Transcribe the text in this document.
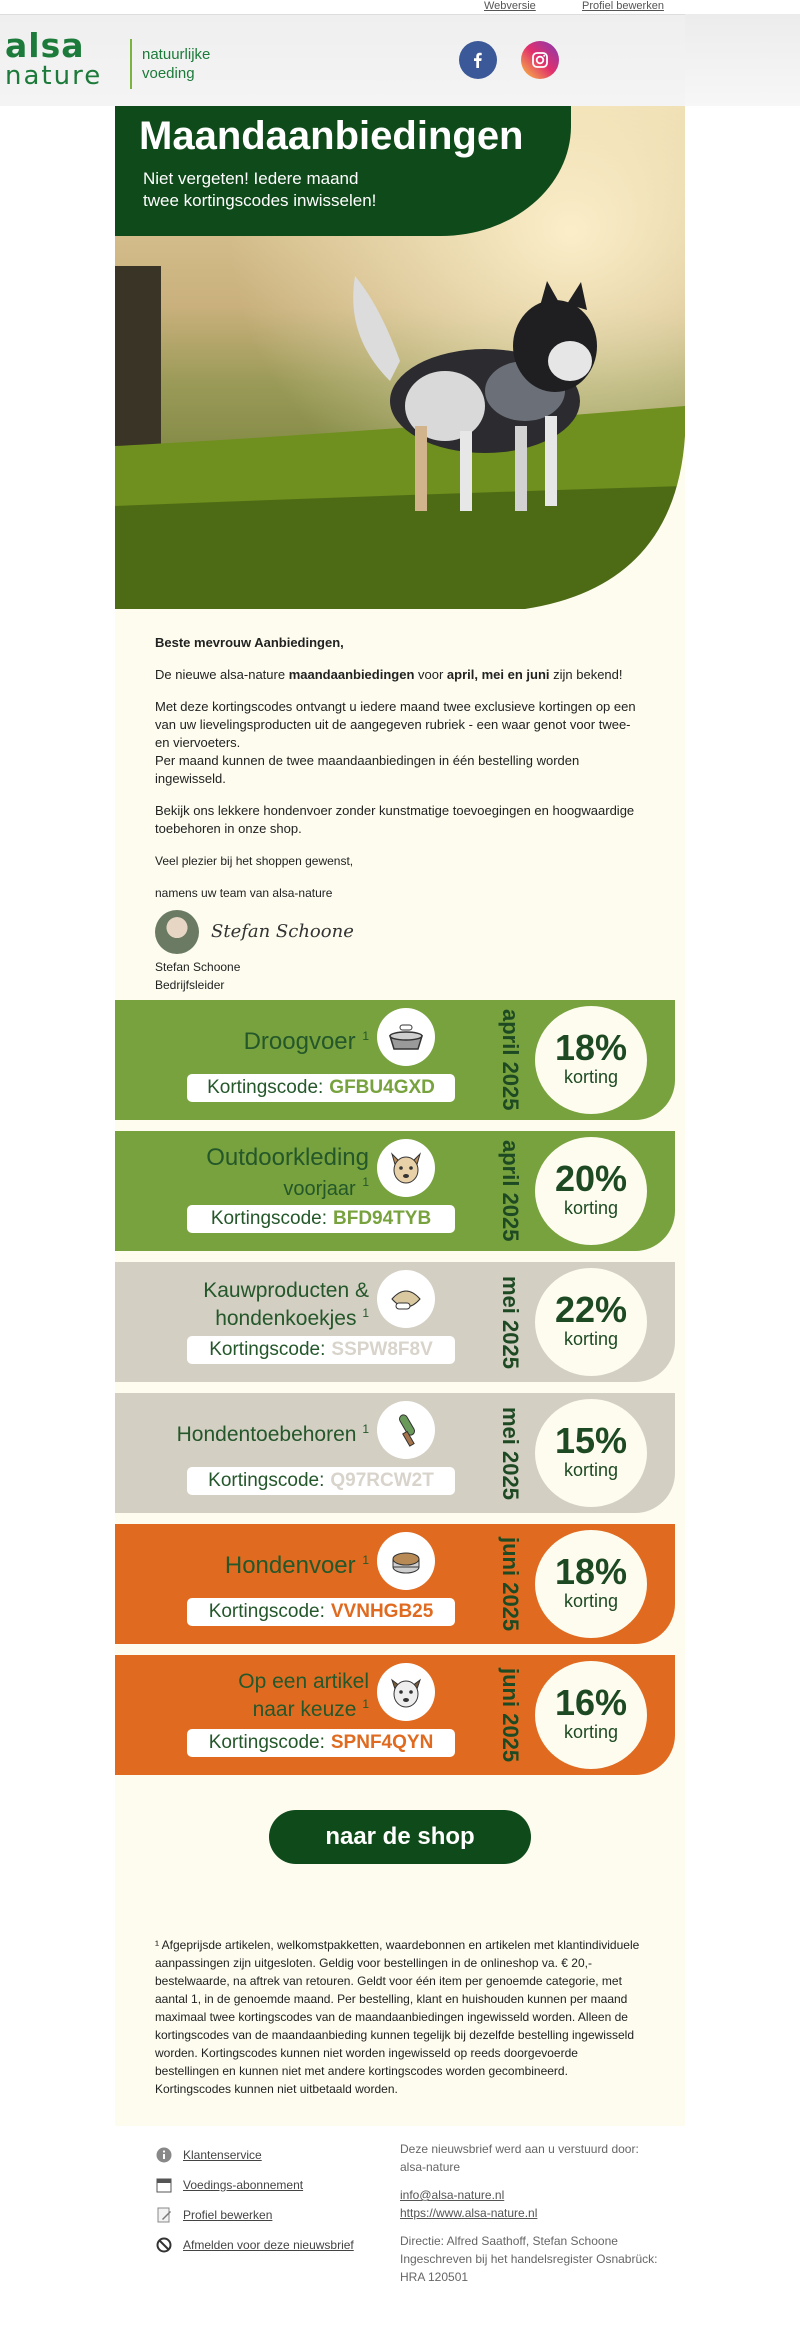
Webversie	Profiel bewerken
alsa
nature
natuurlijke
voeding
Maandaanbiedingen
Niet vergeten! Iedere maand
twee kortingscodes inwisselen!

Beste mevrouw Aanbiedingen,

De nieuwe alsa-nature maandaanbiedingen voor april, mei en juni zijn bekend!

Met deze kortingscodes ontvangt u iedere maand twee exclusieve kortingen op een van uw lievelingsproducten uit de aangegeven rubriek - een waar genot voor twee- en viervoeters.
Per maand kunnen de twee maandaanbiedingen in één bestelling worden ingewisseld.

Bekijk ons lekkere hondenvoer zonder kunstmatige toevoegingen en hoogwaardige toebehoren in onze shop.

Veel plezier bij het shoppen gewenst,

namens uw team van alsa-nature

Stefan Schoone
Stefan Schoone
Bedrijfsleider
Droogvoer $^1$
Kortingscode: GFBU4GXD	april 2025 18%
korting
Outdoorkleding
voorjaar $^1$
Kortingscode: BFD94TYB	april 2025 20%
korting
Kauwproducten &
hondenkoekjes $^1$
Kortingscode: SSPW8F8V	mei 2025 22%
korting
Hondentoebehoren $^1$
Kortingscode: Q97RCW2T	mei 2025 15%
korting
Hondenvoer $^1$
Kortingscode: VVNHGB25	juni 2025 18%
korting
Op een artikel
naar keuze $^1$
Kortingscode: SPNF4QYN	juni 2025 16%
korting
naar de shop
¹ Afgeprijsde artikelen, welkomstpakketten, waardebonnen en artikelen met klantindividuele aanpassingen zijn uitgesloten. Geldig voor bestellingen in de onlineshop va. € 20,- bestelwaarde, na aftrek van retouren. Geldt voor één item per genoemde categorie, met aantal 1, in de genoemde maand. Per bestelling, klant en huishouden kunnen per maand maximaal twee kortingscodes van de maandaanbiedingen ingewisseld worden. Alleen de kortingscodes van de maandaanbieding kunnen tegelijk bij dezelfde bestelling ingewisseld worden. Kortingscodes kunnen niet worden ingewisseld op reeds doorgevoerde bestellingen en kunnen niet met andere kortingscodes worden gecombineerd. Kortingscodes kunnen niet uitbetaald worden.
Klantenservice
Voedings-abonnement
Profiel bewerken
Afmelden voor deze nieuwsbrief
Deze nieuwsbrief werd aan u verstuurd door: alsa-nature
info@alsa-nature.nl
https://www.alsa-nature.nl
Directie: Alfred Saathoff, Stefan Schoone
Ingeschreven bij het handelsregister Osnabrück: HRA 120501
